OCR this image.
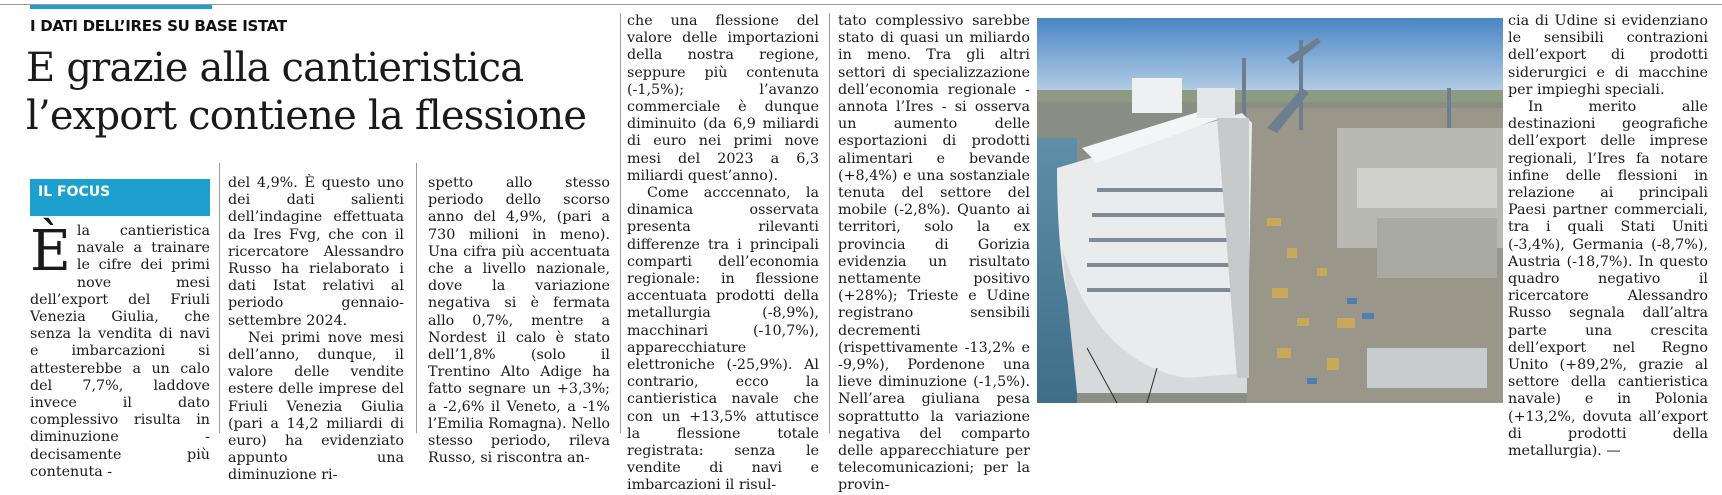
I DATI DELL’IRES SU BASE ISTAT
E grazie alla cantieristica
l’export contiene la flessione
IL FOCUS
È la cantieristica navale a trainare le cifre dei primi nove mesi dell’export del Friuli Venezia Giulia, che senza la vendita di navi e imbarcazioni si attesterebbe a un calo del 7,7%, laddove invece il dato complessivo risulta in diminuzione - decisamente più contenuta -

del 4,9%. È questo uno dei dati salienti dell’indagine effettuata da Ires Fvg, che con il ricercatore Alessandro Russo ha rielaborato i dati Istat relativi al periodo gennaio-settembre 2024.

Nei primi nove mesi dell’anno, dunque, il valore delle vendite estere delle imprese del Friuli Venezia Giulia (pari a 14,2 miliardi di euro) ha evidenziato appunto una diminuzione ri-

spetto allo stesso periodo dello scorso anno del 4,9%, (pari a 730 milioni in meno). Una cifra più accentuata che a livello nazionale, dove la variazione negativa si è fermata allo 0,7%, mentre a Nordest il calo è stato dell’1,8% (solo il Trentino Alto Adige ha fatto segnare un +3,3%; a -2,6% il Veneto, a -1% l’Emilia Romagna). Nello stesso periodo, rileva Russo, si riscontra an-

che una flessione del valore delle importazioni della nostra regione, seppure più contenuta (-1,5%); l’avanzo commerciale è dunque diminuito (da 6,9 miliardi di euro nei primi nove mesi del 2023 a 6,3 miliardi quest’anno).

Come acccennato, la dinamica osservata presenta rilevanti differenze tra i principali comparti dell’economia regionale: in flessione accentuata prodotti della metallurgia (-8,9%), macchinari (-10,7%), apparecchiature elettroniche (-25,9%). Al contrario, ecco la cantieristica navale che con un +13,5% attutisce la flessione totale registrata: senza le vendite di navi e imbarcazioni il risul-

tato complessivo sarebbe stato di quasi un miliardo in meno. Tra gli altri settori di specializzazione dell’economia regionale - annota l’Ires - si osserva un aumento delle esportazioni di prodotti alimentari e bevande (+8,4%) e una sostanziale tenuta del settore del mobile (-2,8%). Quanto ai territori, solo la ex provincia di Gorizia evidenzia un risultato nettamente positivo (+28%); Trieste e Udine registrano sensibili decrementi (rispettivamente -13,2% e -9,9%), Pordenone una lieve diminuzione (-1,5%). Nell’area giuliana pesa soprattutto la variazione negativa del comparto delle apparecchiature per telecomunicazioni; per la provin-

cia di Udine si evidenziano le sensibili contrazioni dell’export di prodotti siderurgici e di macchine per impieghi speciali.

In merito alle destinazioni geografiche dell’export delle imprese regionali, l’Ires fa notare infine delle flessioni in relazione ai principali Paesi partner commerciali, tra i quali Stati Uniti (-3,4%), Germania (-8,7%), Austria (-18,7%). In questo quadro negativo il ricercatore Alessandro Russo segnala dall’altra parte una crescita dell’export nel Regno Unito (+89,2%, grazie al settore della cantieristica navale) e in Polonia (+13,2%, dovuta all’export di prodotti della metallurgia). —
